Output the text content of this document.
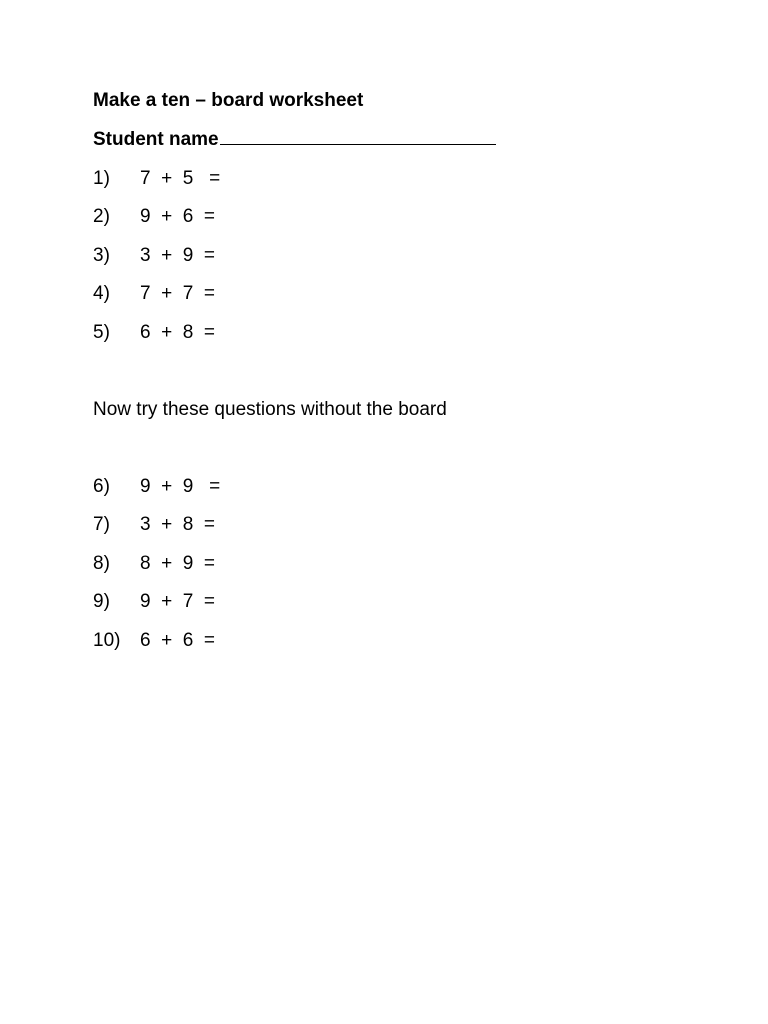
Make a ten – board worksheet
Student name

1)

7  +  5   =

2)

9  +  6  =

3)

3  +  9  =

4)

7  +  7  =

5)

6  +  8  =

Now try these questions without the board

6)

9  +  9   =

7)

3  +  8  =

8)

8  +  9  =

9)

9  +  7  =

10)

6  +  6  =
